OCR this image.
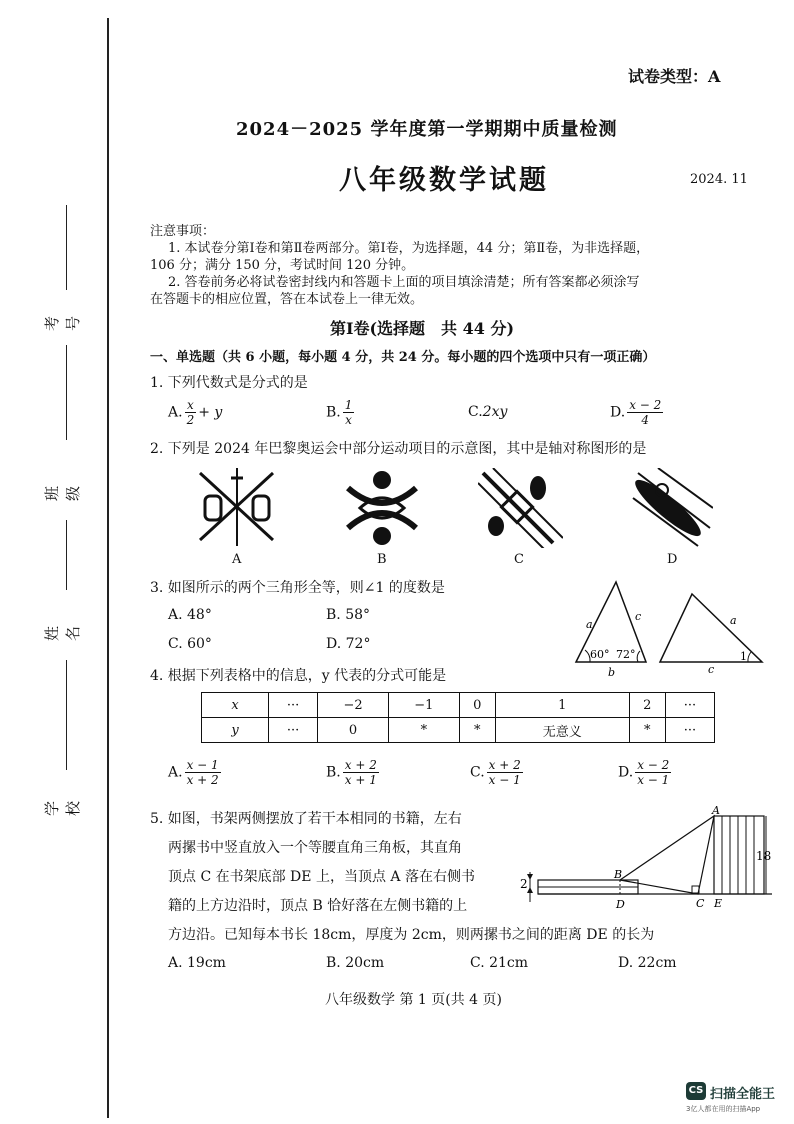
考号
班级
姓名
学校
试卷类型：A
2024－2025 学年度第一学期期中质量检测
八年级数学试题	2024. 11
注意事项：
1. 本试卷分第Ⅰ卷和第Ⅱ卷两部分。第Ⅰ卷，为选择题，44 分；第Ⅱ卷，为非选择题，
106 分；满分 150 分，考试时间 120 分钟。
2. 答卷前务必将试卷密封线内和答题卡上面的项目填涂清楚；所有答案都必须涂写
在答题卡的相应位置，答在本试卷上一律无效。
第Ⅰ卷(选择题　共 44 分)
一、单选题（共 6 小题，每小题 4 分，共 24 分。每小题的四个选项中只有一项正确）
1. 下列代数式是分式的是
A. $\frac{x}{2} + y$	B. $\frac{1}{x}$	C.2xy	D. $\frac{x - 2}{4}$
2. 下列是 2024 年巴黎奥运会中部分运动项目的示意图，其中是轴对称图形的是
A	B	C	D
3. 如图所示的两个三角形全等，则∠1 的度数是
A. 48°	B. 58°
C. 60°	D. 72°
a
c
b
60° 72°
a
c
1
4. 根据下列表格中的信息，y 代表的分式可能是
x	···	−2	−1	0	1	2	···
y	···	0	*	*	无意义	*	···
A. $\frac{x - 1}{x + 2}$	B. $\frac{x + 2}{x + 1}$	C. $\frac{x + 2}{x - 1}$	D. $\frac{x - 2}{x - 1}$
5. 如图，书架两侧摆放了若干本相同的书籍，左右
两摞书中竖直放入一个等腰直角三角板，其直角
顶点 C 在书架底部 DE 上，当顶点 A 落在右侧书
籍的上方边沿时，顶点 B 恰好落在左侧书籍的上
方边沿。已知每本书长 18cm，厚度为 2cm，则两摞书之间的距离 DE 的长为
A. 19cm	B. 20cm	C. 21cm	D. 22cm
2
18
A
B
D	C E
八年级数学 第 1 页(共 4 页)
CS 扫描全能王
3亿人都在用的扫描App
